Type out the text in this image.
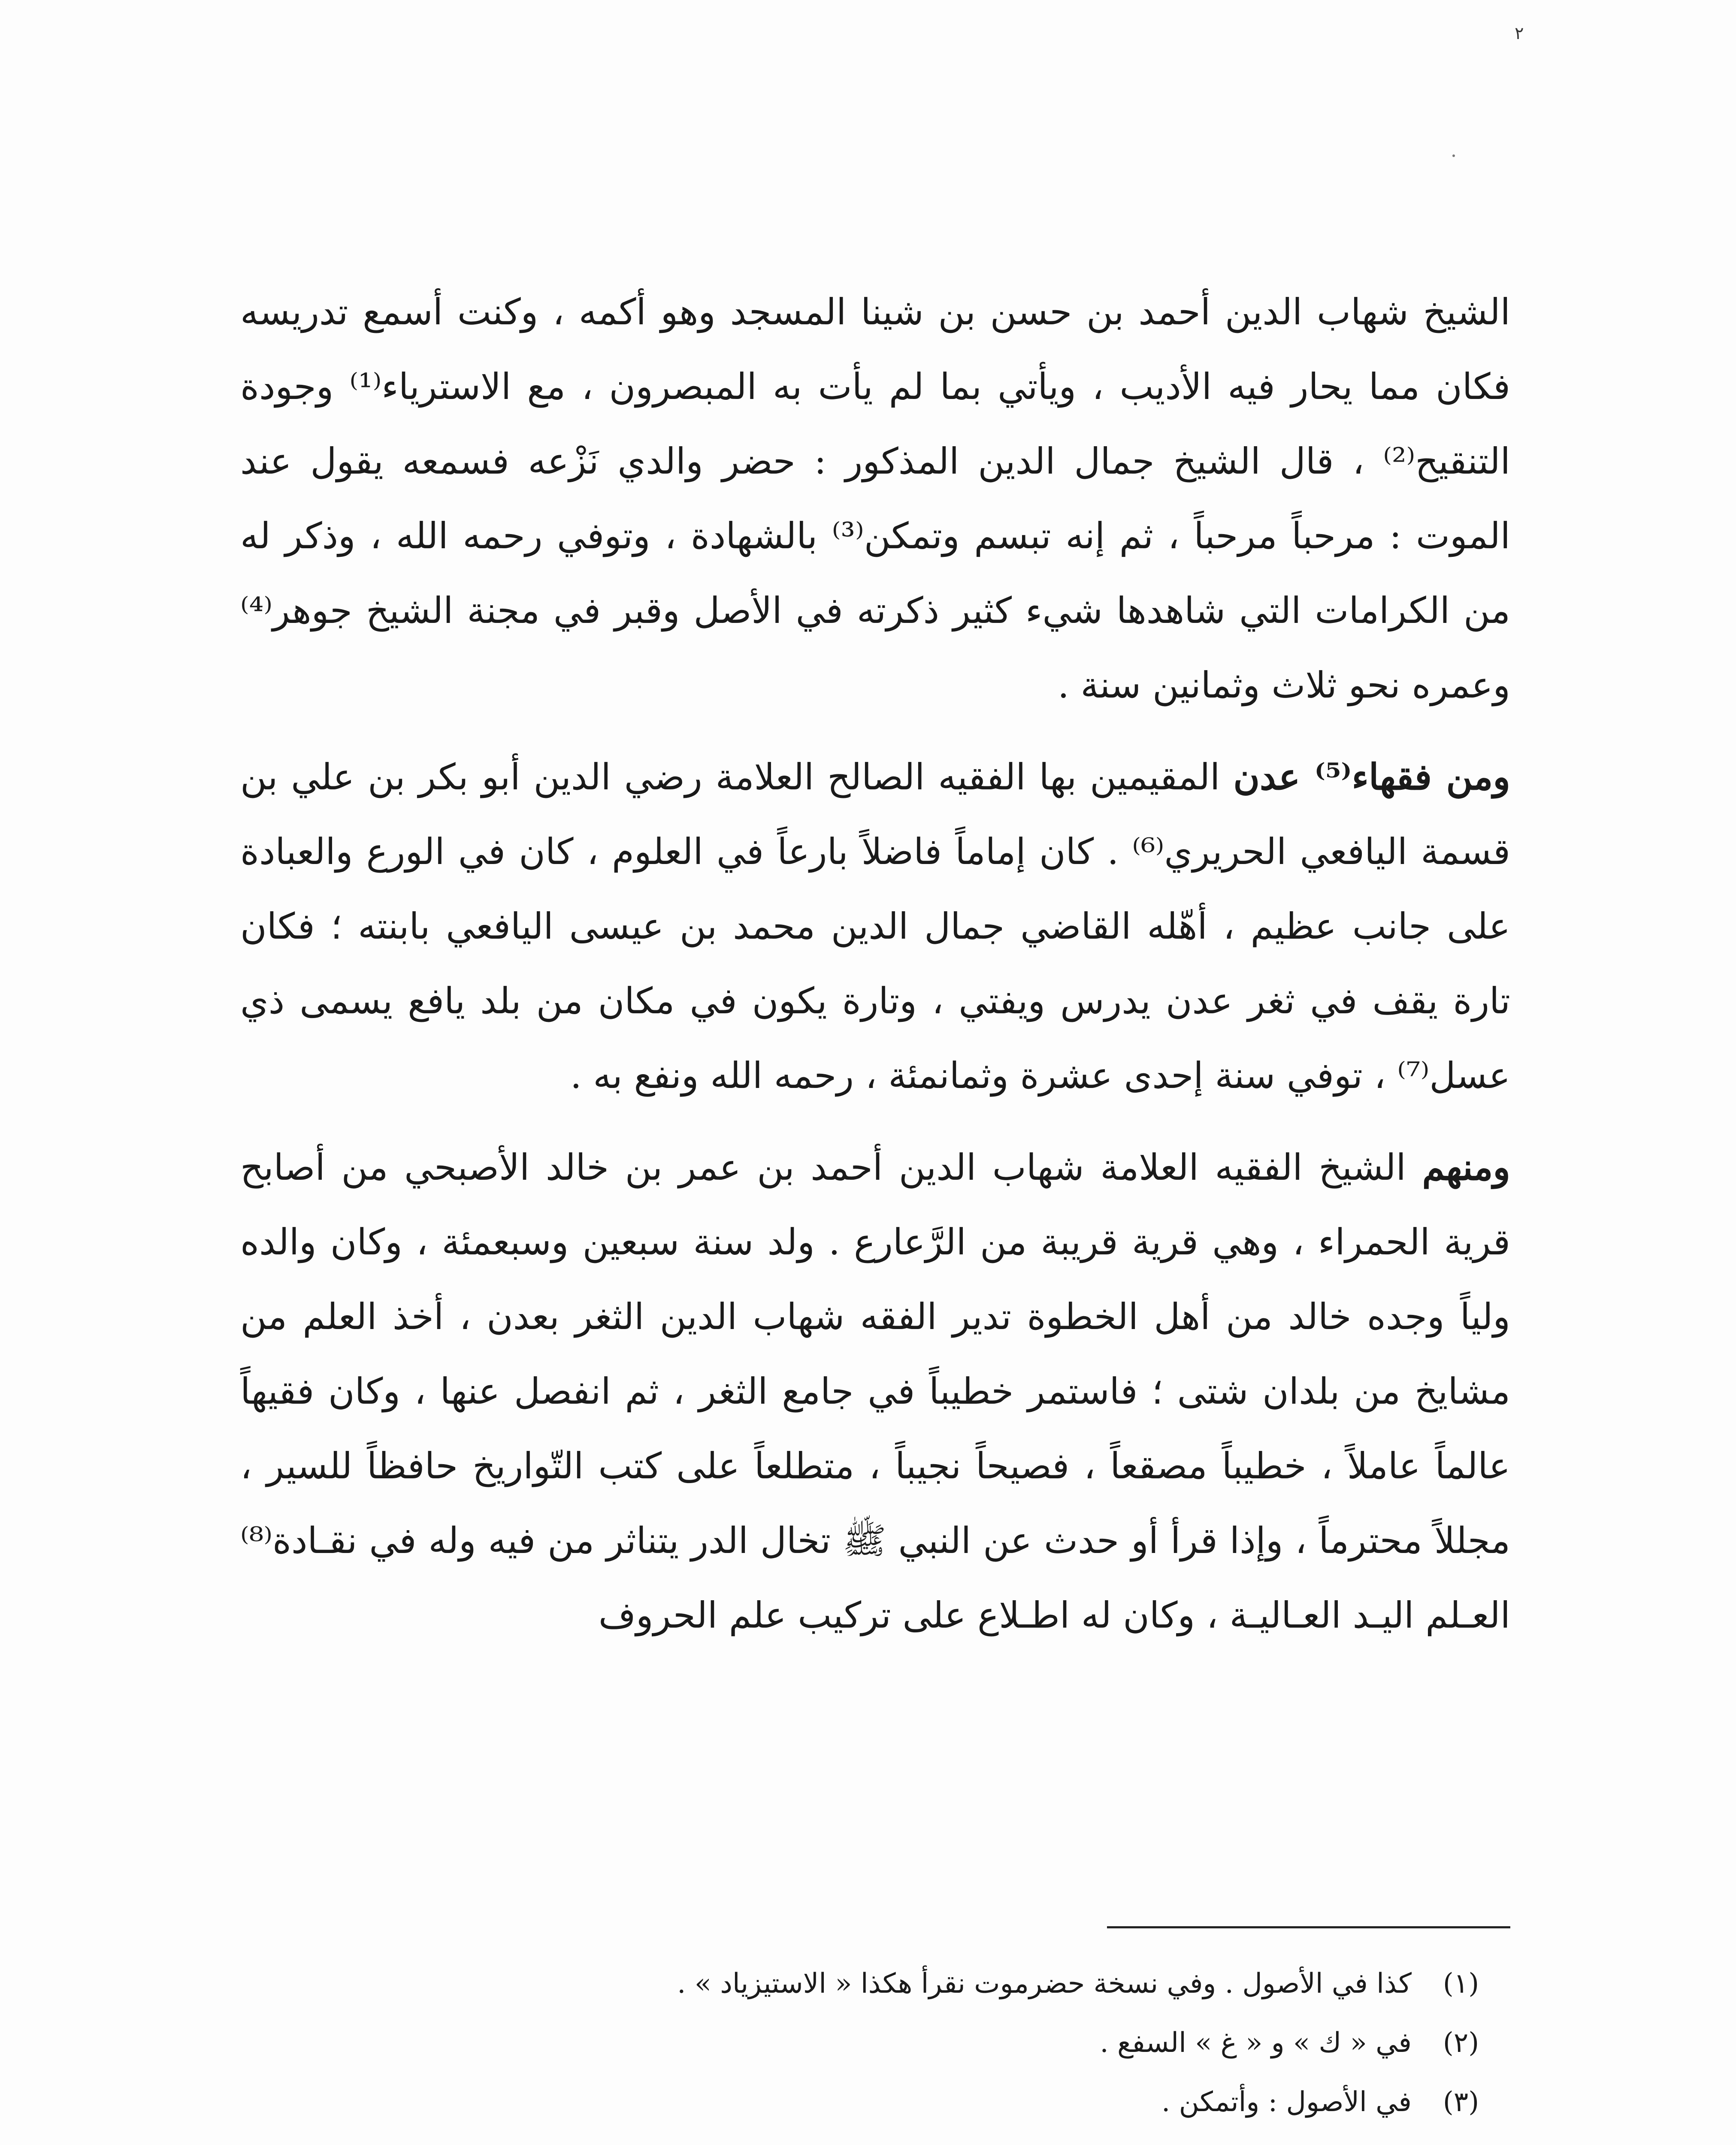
٢

الشيخ شهاب الدين أحمد بن حسن بن شينا المسجد وهو أكمه ، وكنت أسمع تدريسه فكان مما يحار فيه الأديب ، ويأتي بما لم يأت به المبصرون ، مع الاسترياء⁽¹⁾ وجودة التنقيح⁽²⁾ ، قال الشيخ جمال الدين المذكور : حضر والدي نَزْعه فسمعه يقول عند الموت : مرحباً مرحباً ، ثم إنه تبسم وتمكن⁽³⁾ بالشهادة ، وتوفي رحمه الله ، وذكر له من الكرامات التي شاهدها شيء كثير ذكرته في الأصل وقبر في مجنة الشيخ جوهر⁽⁴⁾ وعمره نحو ثلاث وثمانين سنة .

ومن فقهاء⁽⁵⁾ عدن المقيمين بها الفقيه الصالح العلامة رضي الدين أبو بكر بن علي بن قسمة اليافعي الحريري⁽⁶⁾ . كان إماماً فاضلاً بارعاً في العلوم ، كان في الورع والعبادة على جانب عظيم ، أهّله القاضي جمال الدين محمد بن عيسى اليافعي بابنته ؛ فكان تارة يقف في ثغر عدن يدرس ويفتي ، وتارة يكون في مكان من بلد يافع يسمى ذي عسل⁽⁷⁾ ، توفي سنة إحدى عشرة وثمانمئة ، رحمه الله ونفع به .

ومنهم الشيخ الفقيه العلامة شهاب الدين أحمد بن عمر بن خالد الأصبحي من أصابح قرية الحمراء ، وهي قرية قريبة من الرَّعارع . ولد سنة سبعين وسبعمئة ، وكان والده ولياً وجده خالد من أهل الخطوة تدير الفقه شهاب الدين الثغر بعدن ، أخذ العلم من مشايخ من بلدان شتى ؛ فاستمر خطيباً في جامع الثغر ، ثم انفصل عنها ، وكان فقيهاً عالماً عاملاً ، خطيباً مصقعاً ، فصيحاً نجيباً ، متطلعاً على كتب التّواريخ حافظاً للسير ، مجللاً محترماً ، وإذا قرأ أو حدث عن النبي ﷺ تخال الدر يتناثر من فيه وله في نقـادة⁽⁸⁾ العـلم اليـد العـاليـة ، وكان له اطـلاع على تركيب علم الحروف

(١)
كذا في الأصول . وفي نسخة حضرموت نقرأ هكذا « الاستيزياد » .
(٢)
في « ك » و « غ » السفع .
(٣)
في الأصول : وأتمكن .
